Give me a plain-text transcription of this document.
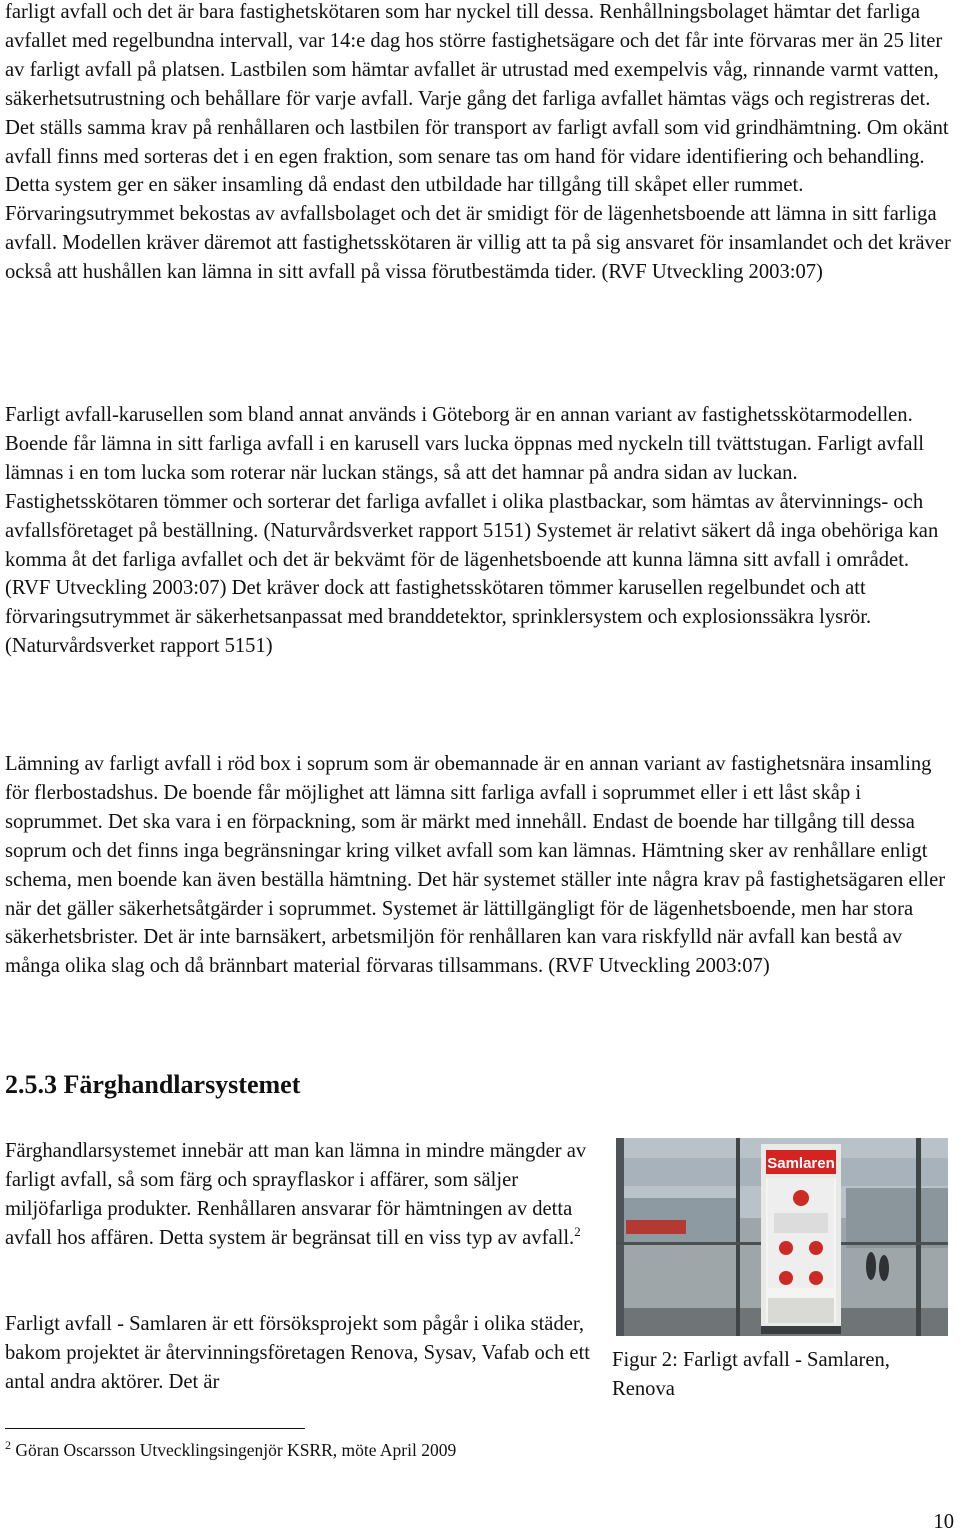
farligt avfall och det är bara fastighetskötaren som har nyckel till dessa. Renhållningsbolaget hämtar det farliga avfallet med regelbundna intervall, var 14:e dag hos större fastighetsägare och det får inte förvaras mer än 25 liter av farligt avfall på platsen. Lastbilen som hämtar avfallet är utrustad med exempelvis våg, rinnande varmt vatten, säkerhetsutrustning och behållare för varje avfall. Varje gång det farliga avfallet hämtas vägs och registreras det. Det ställs samma krav på renhållaren och lastbilen för transport av farligt avfall som vid grindhämtning. Om okänt avfall finns med sorteras det i en egen fraktion, som senare tas om hand för vidare identifiering och behandling. Detta system ger en säker insamling då endast den utbildade har tillgång till skåpet eller rummet. Förvaringsutrymmet bekostas av avfallsbolaget och det är smidigt för de lägenhetsboende att lämna in sitt farliga avfall. Modellen kräver däremot att fastighetsskötaren är villig att ta på sig ansvaret för insamlandet och det kräver också att hushållen kan lämna in sitt avfall på vissa förutbestämda tider. (RVF Utveckling 2003:07)

Farligt avfall-karusellen som bland annat används i Göteborg är en annan variant av fastighetsskötarmodellen. Boende får lämna in sitt farliga avfall i en karusell vars lucka öppnas med nyckeln till tvättstugan. Farligt avfall lämnas i en tom lucka som roterar när luckan stängs, så att det hamnar på andra sidan av luckan. Fastighetsskötaren tömmer och sorterar det farliga avfallet i olika plastbackar, som hämtas av återvinnings- och avfallsföretaget på beställning. (Naturvårdsverket rapport 5151) Systemet är relativt säkert då inga obehöriga kan komma åt det farliga avfallet och det är bekvämt för de lägenhetsboende att kunna lämna sitt avfall i området. (RVF Utveckling 2003:07) Det kräver dock att fastighetsskötaren tömmer karusellen regelbundet och att förvaringsutrymmet är säkerhetsanpassat med branddetektor, sprinklersystem och explosionssäkra lysrör. (Naturvårdsverket rapport 5151)

Lämning av farligt avfall i röd box i soprum som är obemannade är en annan variant av fastighetsnära insamling för flerbostadshus. De boende får möjlighet att lämna sitt farliga avfall i soprummet eller i ett låst skåp i soprummet. Det ska vara i en förpackning, som är märkt med innehåll. Endast de boende har tillgång till dessa soprum och det finns inga begränsningar kring vilket avfall som kan lämnas. Hämtning sker av renhållare enligt schema, men boende kan även beställa hämtning. Det här systemet ställer inte några krav på fastighetsägaren eller när det gäller säkerhetsåtgärder i soprummet. Systemet är lättillgängligt för de lägenhetsboende, men har stora säkerhetsbrister. Det är inte barnsäkert, arbetsmiljön för renhållaren kan vara riskfylld när avfall kan bestå av många olika slag och då brännbart material förvaras tillsammans. (RVF Utveckling 2003:07)

2.5.3 Färghandlarsystemet

Färghandlarsystemet innebär att man kan lämna in mindre mängder av farligt avfall, så som färg och sprayflaskor i affärer, som säljer miljöfarliga produkter. Renhållaren ansvarar för hämtningen av detta avfall hos affären. Detta system är begränsat till en viss typ av avfall.$^2$

Farligt avfall - Samlaren är ett försöksprojekt som pågår i olika städer, bakom projektet är återvinningsföretagen Renova, Sysav, Vafab och ett antal andra aktörer. Det är

Samlaren

Figur 2: Farligt avfall - Samlaren, Renova

$^2$ Göran Oscarsson Utvecklingsingenjör KSRR, möte April 2009

10
